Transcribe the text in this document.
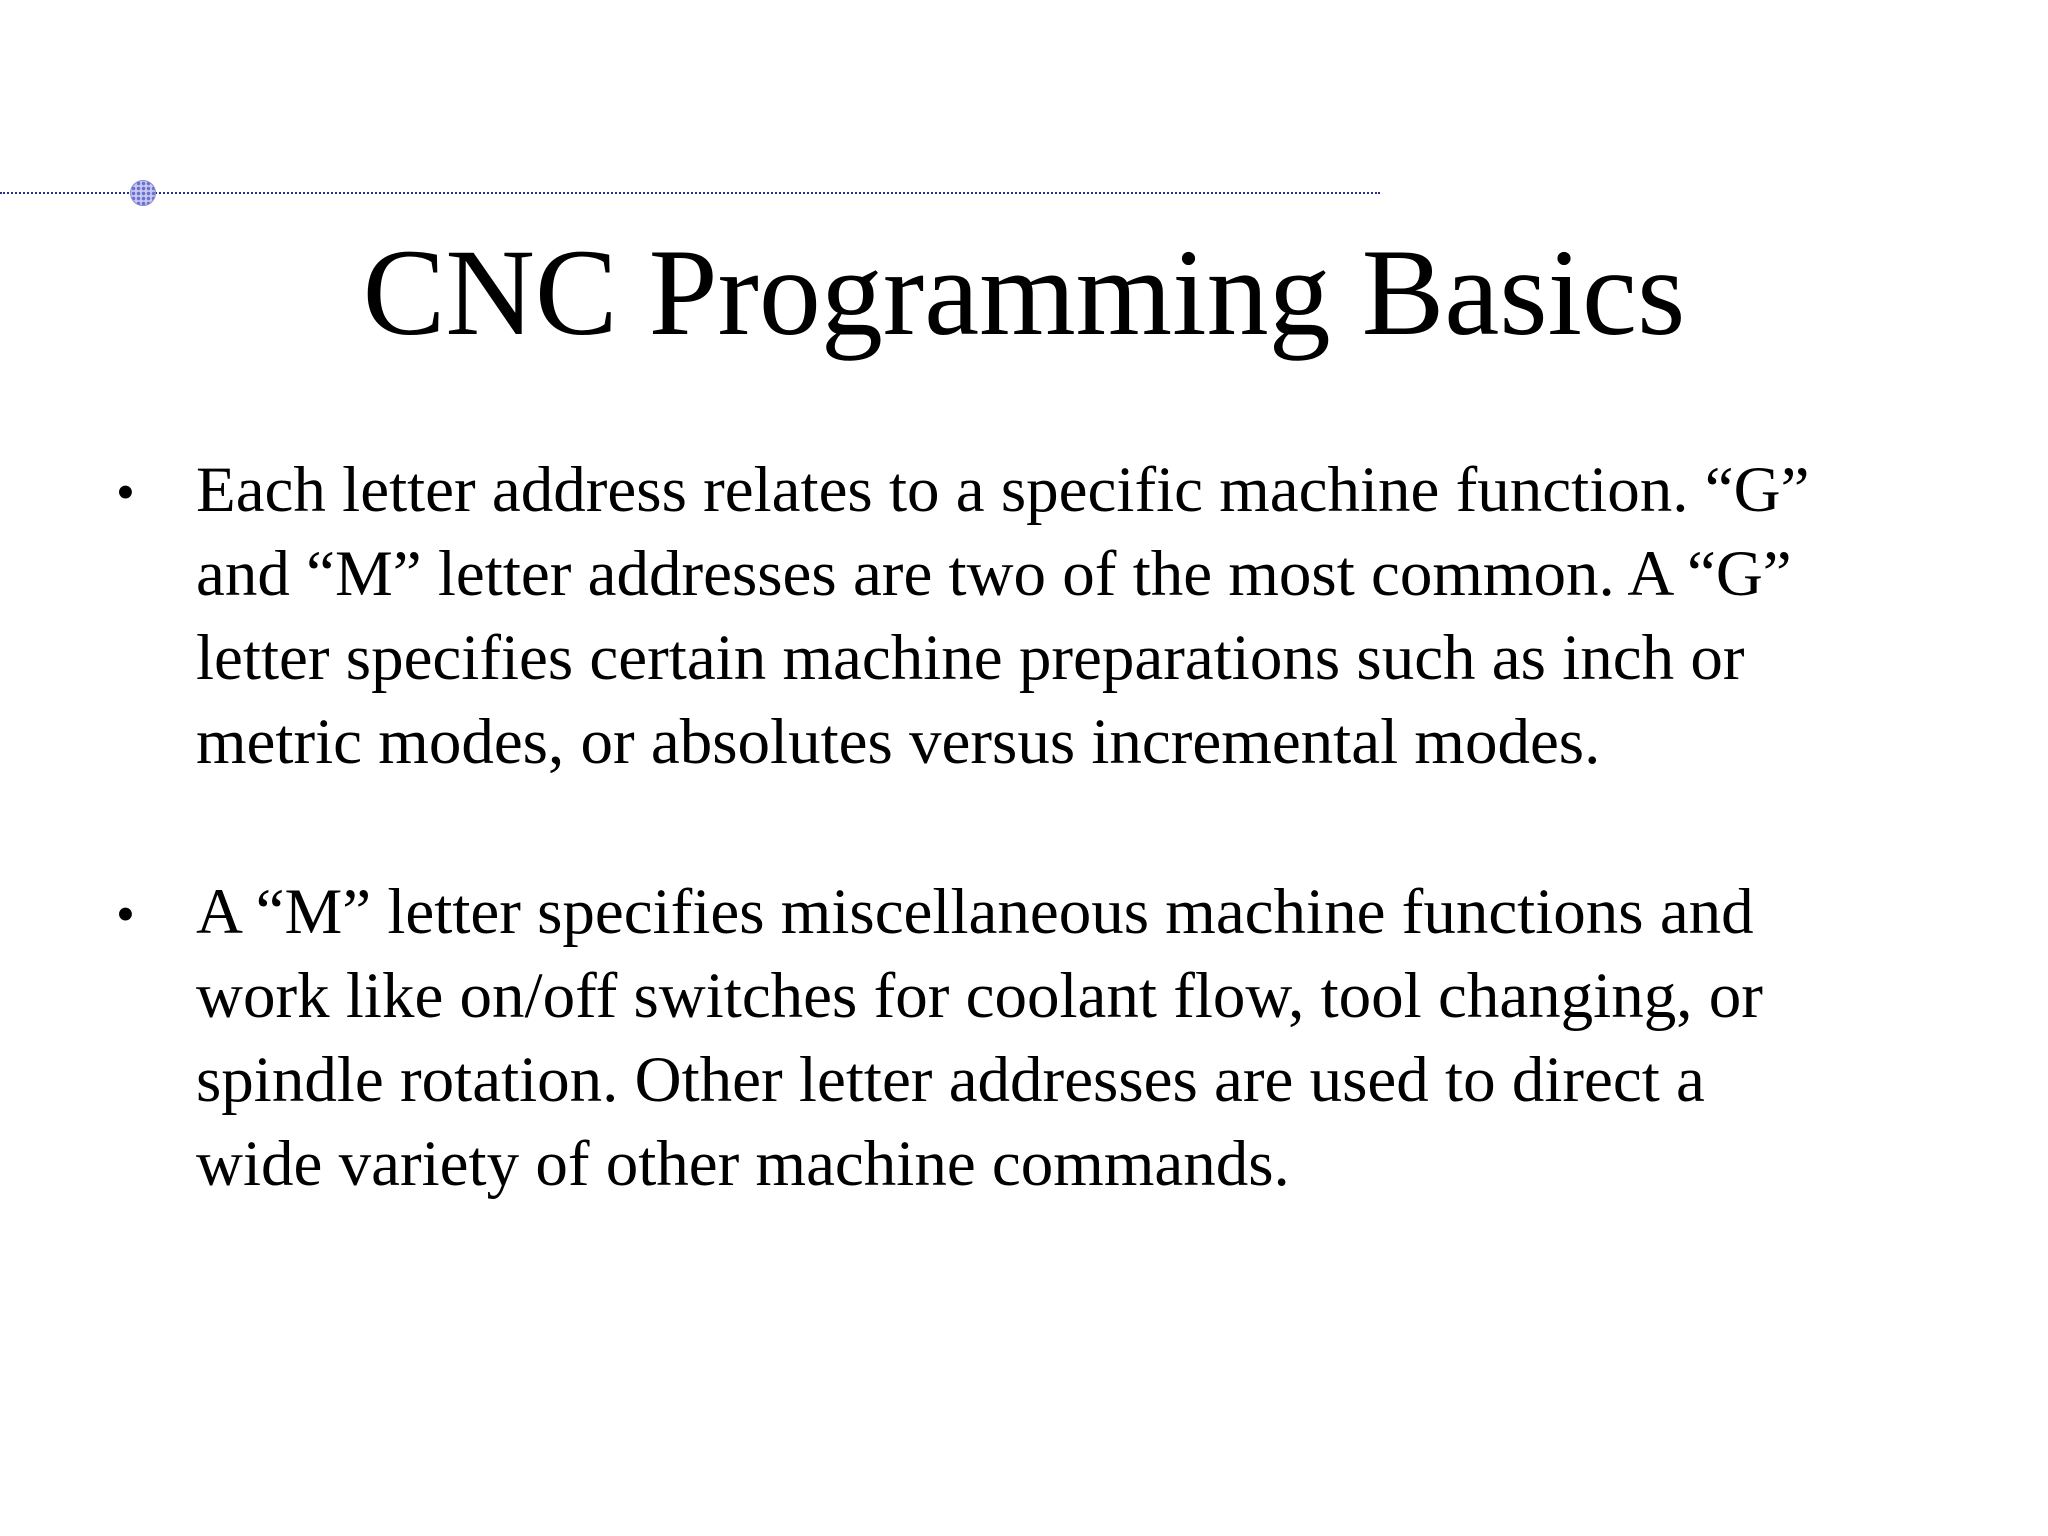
CNC Programming Basics
• Each letter address relates to a specific machine function. “G”
and “M” letter addresses are two of the most common. A “G”
letter specifies certain machine preparations such as inch or
metric modes, or absolutes versus incremental modes.
• A “M” letter specifies miscellaneous machine functions and
work like on/off switches for coolant flow, tool changing, or
spindle rotation. Other letter addresses are used to direct a
wide variety of other machine commands.
